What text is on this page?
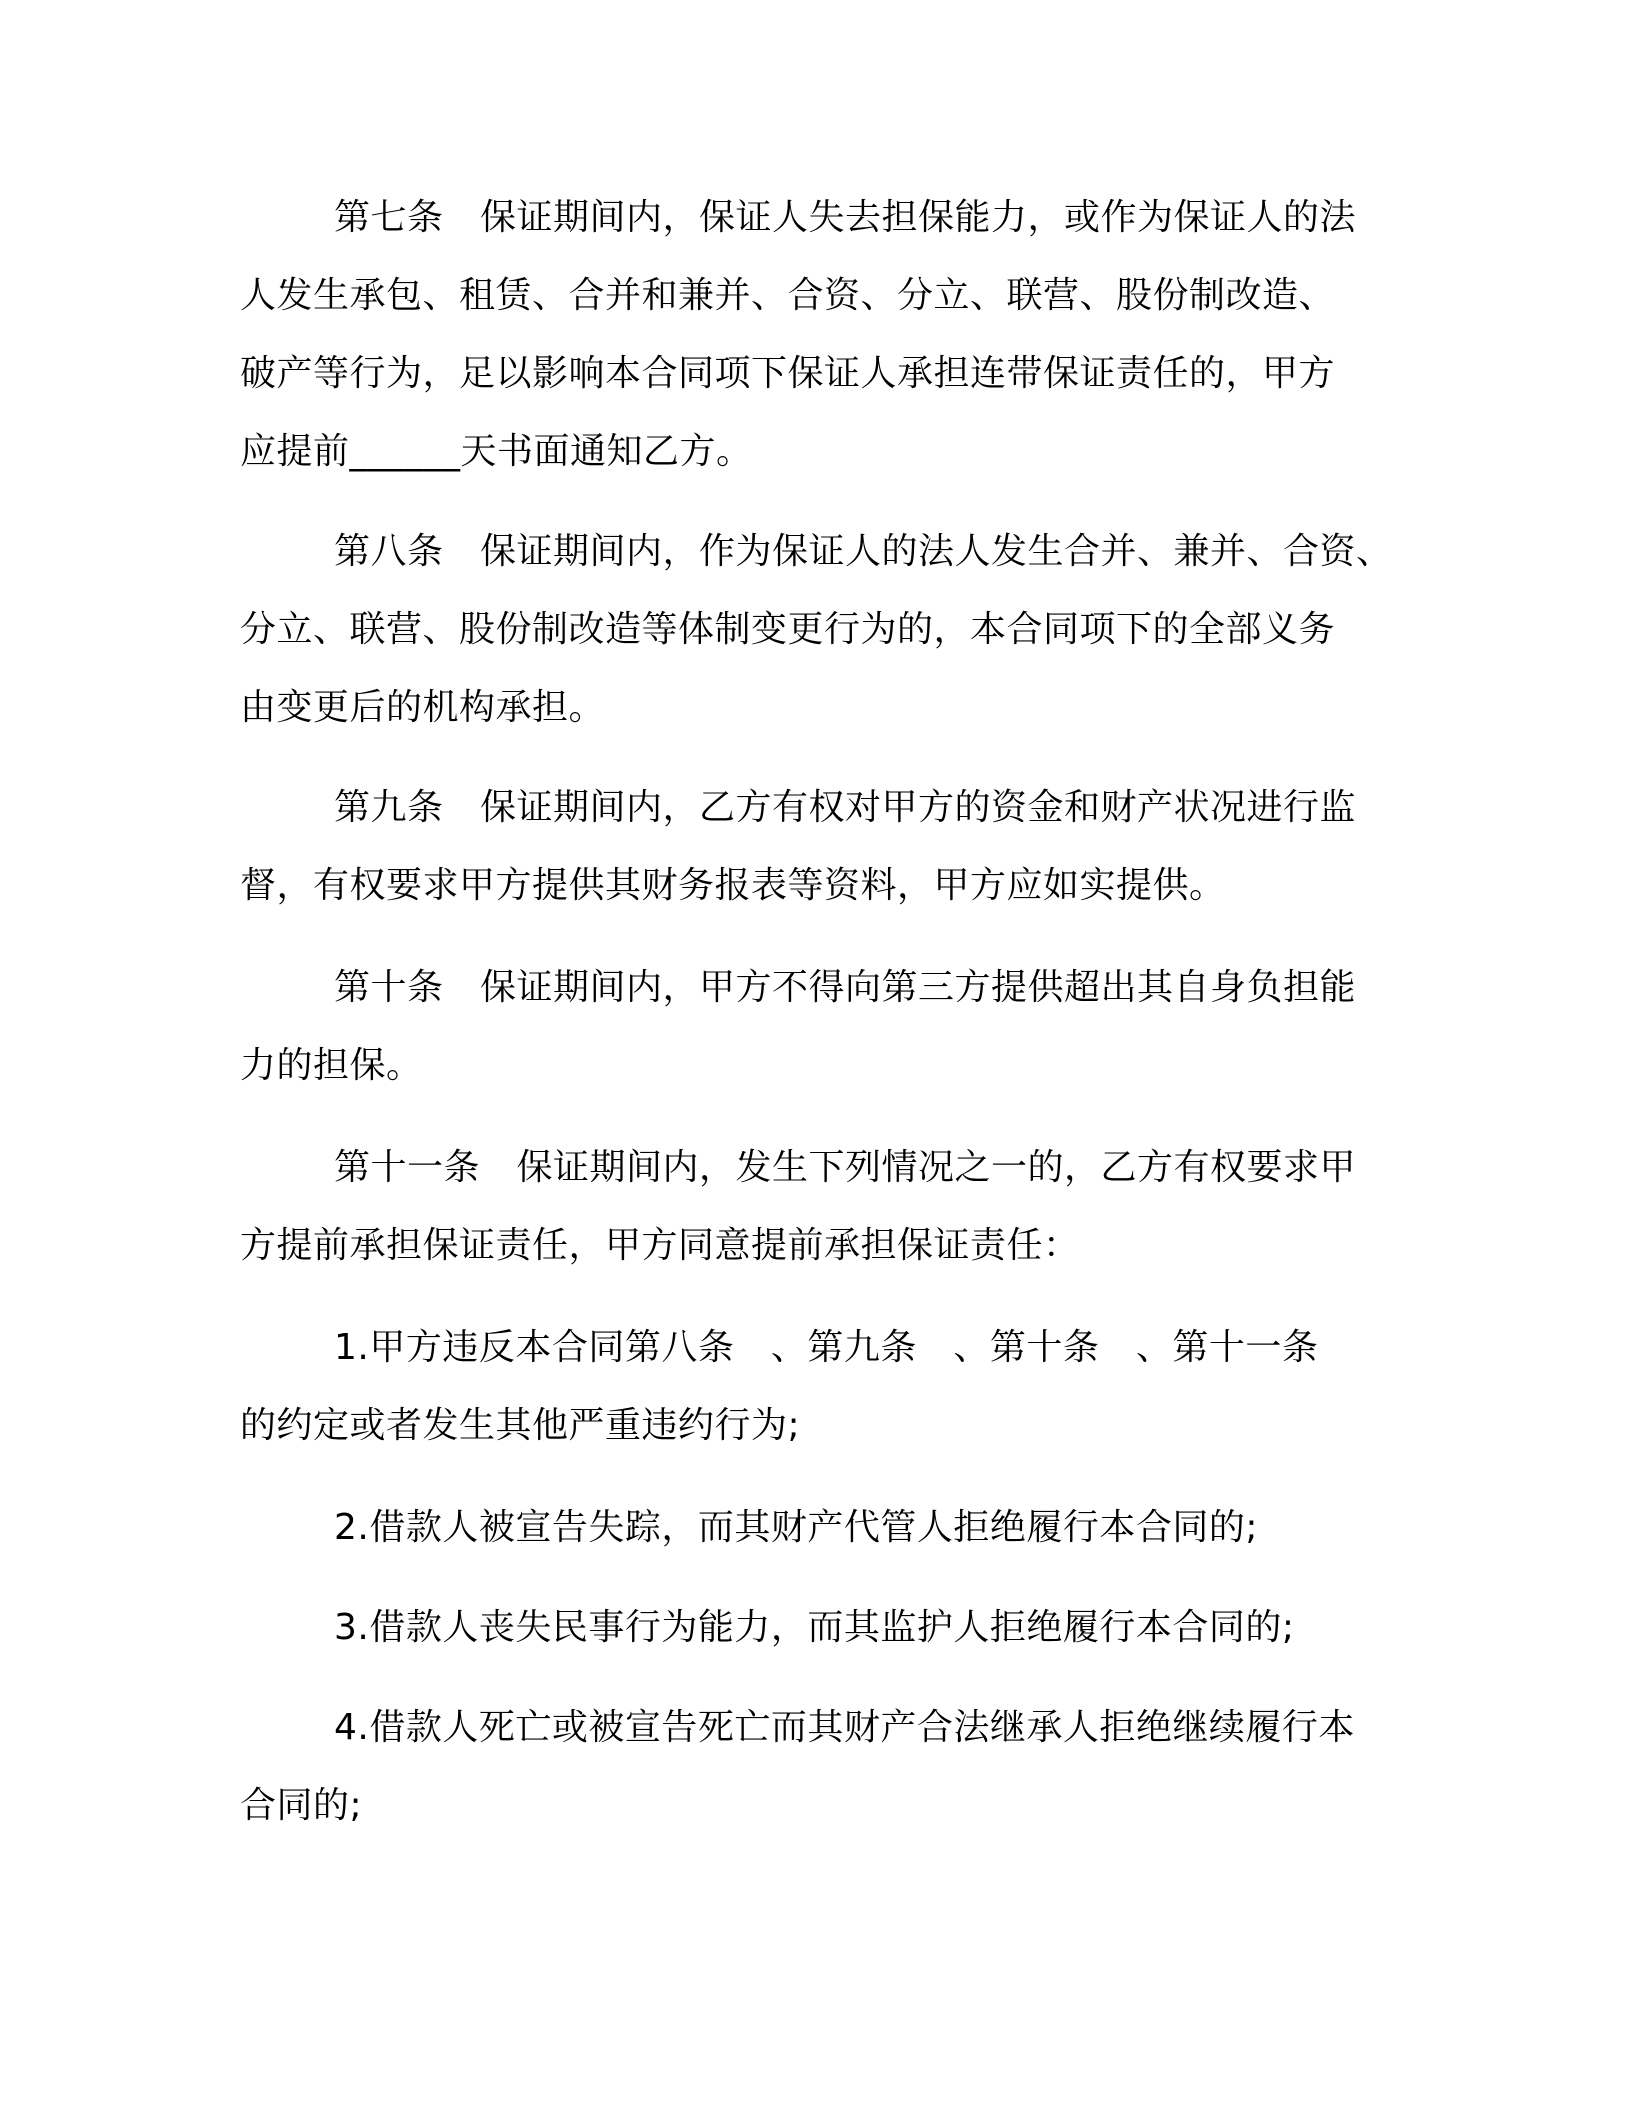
第七条　保证期间内，保证人失去担保能力，或作为保证人的法
人发生承包、租赁、合并和兼并、合资、分立、联营、股份制改造、
破产等行为，足以影响本合同项下保证人承担连带保证责任的，甲方
应提前______天书面通知乙方。
第八条　保证期间内，作为保证人的法人发生合并、兼并、合资、
分立、联营、股份制改造等体制变更行为的，本合同项下的全部义务
由变更后的机构承担。
第九条　保证期间内，乙方有权对甲方的资金和财产状况进行监
督，有权要求甲方提供其财务报表等资料，甲方应如实提供。
第十条　保证期间内，甲方不得向第三方提供超出其自身负担能
力的担保。
第十一条　保证期间内，发生下列情况之一的，乙方有权要求甲
方提前承担保证责任，甲方同意提前承担保证责任：
1.甲方违反本合同第八条　、第九条　、第十条　、第十一条
的约定或者发生其他严重违约行为;
2.借款人被宣告失踪，而其财产代管人拒绝履行本合同的;
3.借款人丧失民事行为能力，而其监护人拒绝履行本合同的;
4.借款人死亡或被宣告死亡而其财产合法继承人拒绝继续履行本
合同的;
